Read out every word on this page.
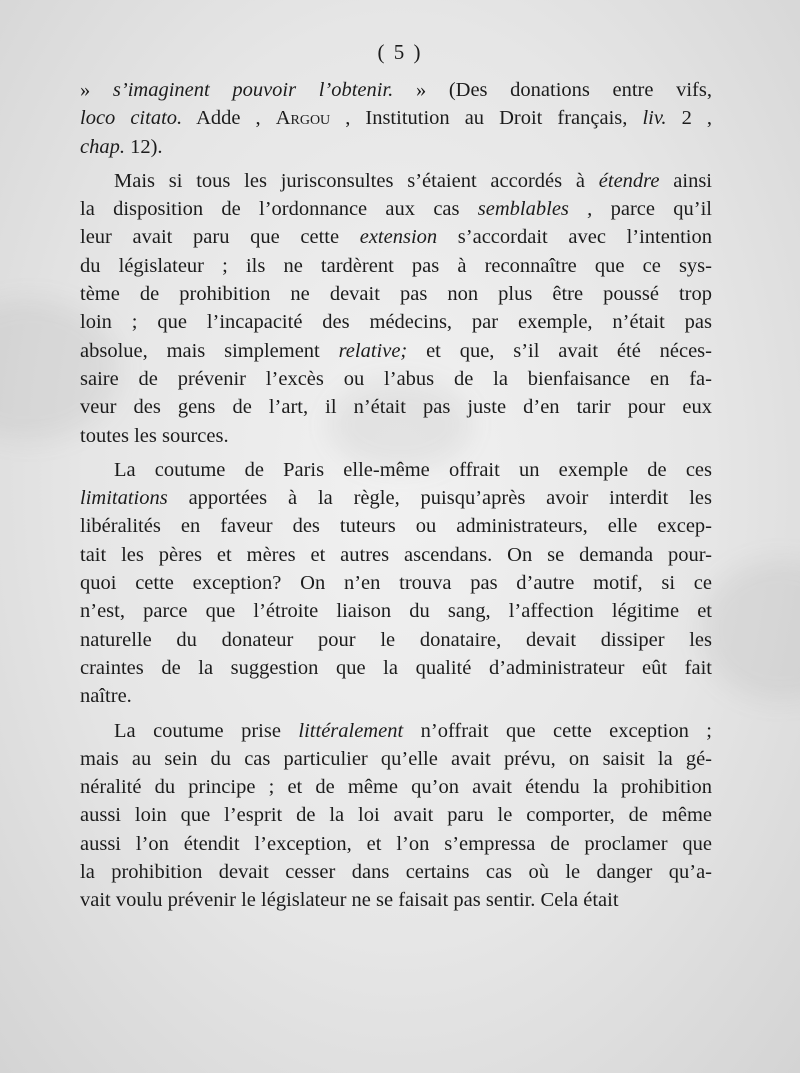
( 5 )
» s’imaginent pouvoir l’obtenir. » (Des donations entre vifs,
loco citato. Adde , Argou , Institution au Droit français, liv. 2 ,
chap. 12).
Mais si tous les jurisconsultes s’étaient accordés à étendre ainsi
la disposition de l’ordonnance aux cas semblables , parce qu’il
leur avait paru que cette extension s’accordait avec l’intention
du législateur ; ils ne tardèrent pas à reconnaître que ce sys-
tème de prohibition ne devait pas non plus être poussé trop
loin ; que l’incapacité des médecins, par exemple, n’était pas
absolue, mais simplement relative; et que, s’il avait été néces-
saire de prévenir l’excès ou l’abus de la bienfaisance en fa-
veur des gens de l’art, il n’était pas juste d’en tarir pour eux
toutes les sources.
La coutume de Paris elle-même offrait un exemple de ces
limitations apportées à la règle, puisqu’après avoir interdit les
libéralités en faveur des tuteurs ou administrateurs, elle excep-
tait les pères et mères et autres ascendans. On se demanda pour-
quoi cette exception? On n’en trouva pas d’autre motif, si ce
n’est, parce que l’étroite liaison du sang, l’affection légitime et
naturelle du donateur pour le donataire, devait dissiper les
craintes de la suggestion que la qualité d’administrateur eût fait
naître.
La coutume prise littéralement n’offrait que cette exception ;
mais au sein du cas particulier qu’elle avait prévu, on saisit la gé-
néralité du principe ; et de même qu’on avait étendu la prohibition
aussi loin que l’esprit de la loi avait paru le comporter, de même
aussi l’on étendit l’exception, et l’on s’empressa de proclamer que
la prohibition devait cesser dans certains cas où le danger qu’a-
vait voulu prévenir le législateur ne se faisait pas sentir. Cela était
